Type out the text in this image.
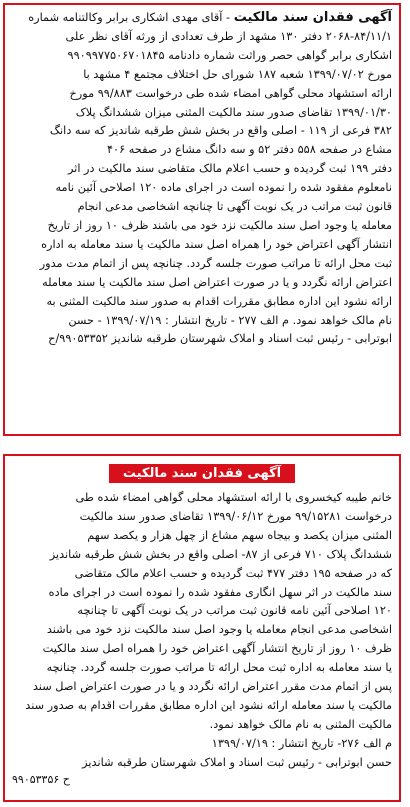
آگهی فقدان سند مالکیت - آقای مهدی اشکاری برابر وکالتنامه شماره

۲۰۶۸-۸۴/۱۱/۱ دفتر ۱۳۰ مشهد از طرف تعدادی از ورثه آقای نظر علی

اشکاری برابر گواهی حصر وراثت شماره دادنامه ۹۹۰۹۹۷۷۵۰۶۷۰۱۸۴۵

مورخ ۱۳۹۹/۰۷/۰۲ شعبه ۱۸۷ شورای حل اختلاف مجتمع ۴ مشهد با

ارائه استشهاد محلی گواهی امضاء شده طی درخواست ۹۹/۸۸۳ مورخ

۱۳۹۹/۰۱/۳۰ تقاضای صدور سند مالکیت المثنی میزان ششدانگ پلاک

۳۸۲ فرعی از ۱۱۹ - اصلی واقع در بخش شش طرقبه شاندیز که سه دانگ

مشاع در صفحه ۵۵۸ دفتر ۵۲ و سه دانگ مشاع در صفحه ۴۰۶

دفتر ۱۹۹ ثبت گردیده و حسب اعلام مالک متقاضی سند مالکیت در اثر

نامعلوم مفقود شده را نموده است در اجرای ماده ۱۲۰ اصلاحی آئین نامه

قانون ثبت مراتب در یک نوبت آگهی تا چنانچه اشخاصی مدعی انجام

معامله یا وجود اصل سند مالکیت نزد خود می باشند ظرف ۱۰ روز از تاریخ

انتشار آگهی اعتراض خود را همراه اصل سند مالکیت یا سند معامله به اداره

ثبت محل ارائه تا مراتب صورت جلسه گردد. چنانچه پس از اتمام مدت مدور

اعتراض ارائه نگردد و یا در صورت اعتراض اصل سند مالکیت یا سند معامله

ارائه نشود این اداره مطابق مقررات اقدام به صدور سند مالکیت المثنی به

نام مالک خواهد نمود. م الف ۲۷۷ - تاریخ انتشار : ۱۳۹۹/۰۷/۱۹ - حسن

ابوترابی - رئیس ثبت اسناد و املاک شهرستان طرقبه شاندیز ۹۹۰۵۳۳۵۲/ح

آگهی فقدان سند مالکیت

خانم طیبه کیخسروی با ارائه استشهاد محلی گواهی امضاء شده طی

درخواست ۹۹/۱۵۲۸۱ مورخ ۱۳۹۹/۰۶/۱۲ تقاضای صدور سند مالکیت

المثنی میزان یکصد و بیجاه سهم مشاع از چهل هزار و یکصد سهم

ششدانگ پلاک ۷۱۰ فرعی از ۸۷- اصلی واقع در بخش شش طرقبه شاندیز

که در صفحه ۱۹۵ دفتر ۴۷۷ ثبت گردیده و حسب اعلام مالک متقاضی

سند مالکیت در اثر سهل انگاری مفقود شده را نموده است در اجرای ماده

۱۲۰ اصلاحی آئین نامه قانون ثبت مراتب در یک نوبت آگهی تا چنانچه

اشخاصی مدعی انجام معامله یا وجود اصل سند مالکیت نزد خود می باشند

ظرف ۱۰ روز از تاریخ انتشار آگهی اعتراض خود را همراه اصل سند مالکیت

یا سند معامله به اداره ثبت محل ارائه تا مراتب صورت جلسه گردد. چنانچه

پس از اتمام مدت مقرر اعتراض ارائه نگردد و یا در صورت اعتراض اصل سند

مالکیت یا سند معامله ارائه نشود این اداره مطابق مقررات اقدام به صدور سند

مالکیت المثنی به نام مالک خواهد نمود.

م الف ۲۷۶- تاریخ انتشار : ۱۳۹۹/۰۷/۱۹

حسن ابوترابی - رئیس ثبت اسناد و املاک شهرستان طرقبه شاندیز

ح ۹۹۰۵۳۳۵۶
